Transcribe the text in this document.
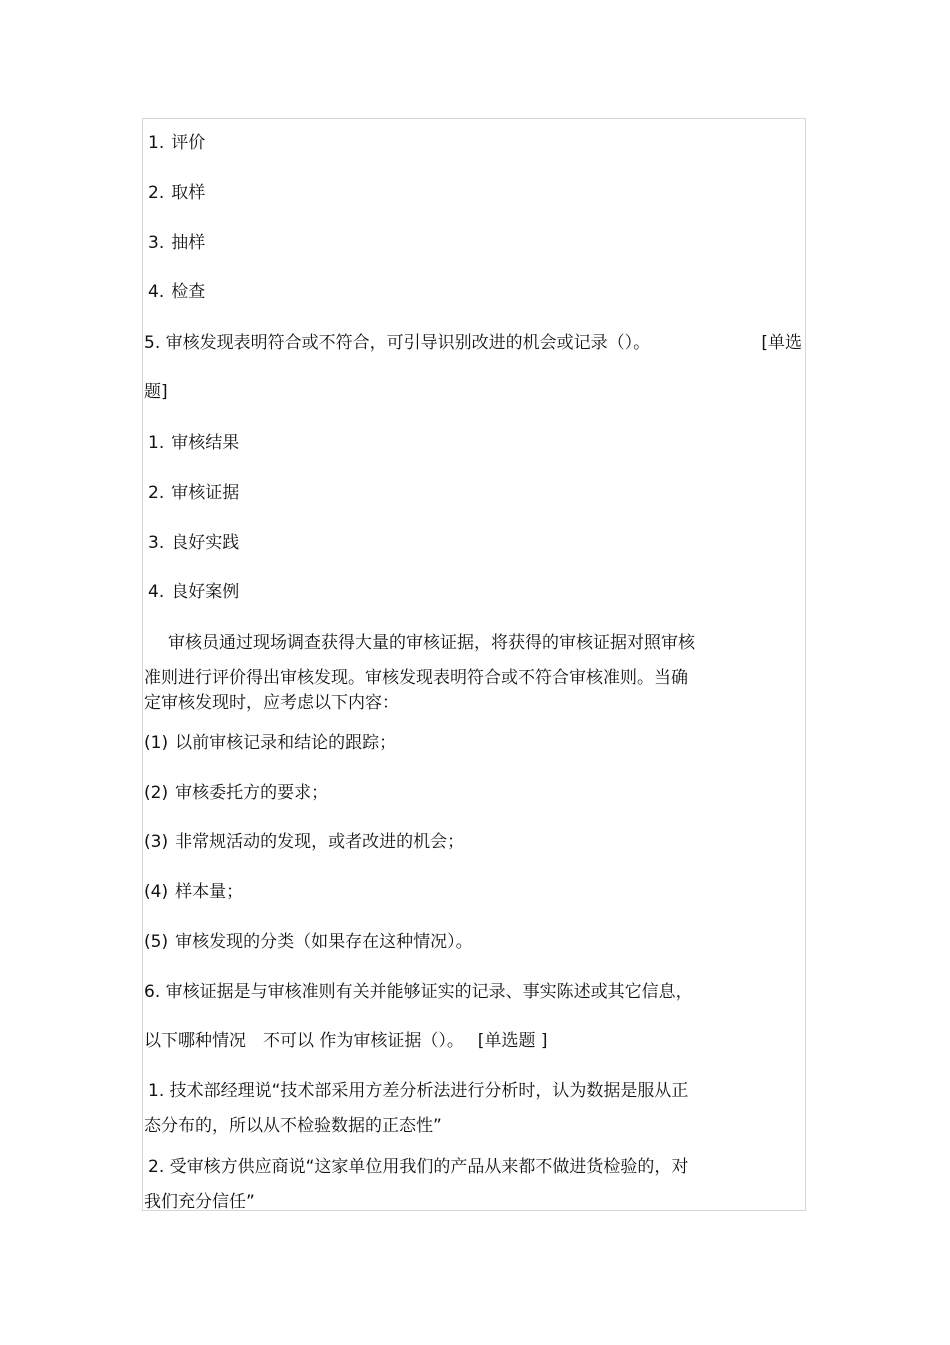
1. 评价
2. 取样
3. 抽样
4. 检查
5. 审核发现表明符合或不符合，可引导识别改进的机会或记录（）。	[单选
题]
1. 审核结果
2. 审核证据
3. 良好实践
4. 良好案例
审核员通过现场调查获得大量的审核证据，将获得的审核证据对照审核
准则进行评价得出审核发现。审核发现表明符合或不符合审核准则。当确
定审核发现时，应考虑以下内容：
(1) 以前审核记录和结论的跟踪；
(2) 审核委托方的要求；
(3) 非常规活动的发现，或者改进的机会；
(4) 样本量；
(5) 审核发现的分类（如果存在这种情况）。
6. 审核证据是与审核准则有关并能够证实的记录、事实陈述或其它信息，
以下哪种情况　不可以 作为审核证据（）。　 [单选题 ]
1. 技术部经理说“技术部采用方差分析法进行分析时，认为数据是服从正
态分布的，所以从不检验数据的正态性”
2. 受审核方供应商说“这家单位用我们的产品从来都不做进货检验的，对
我们充分信任”
